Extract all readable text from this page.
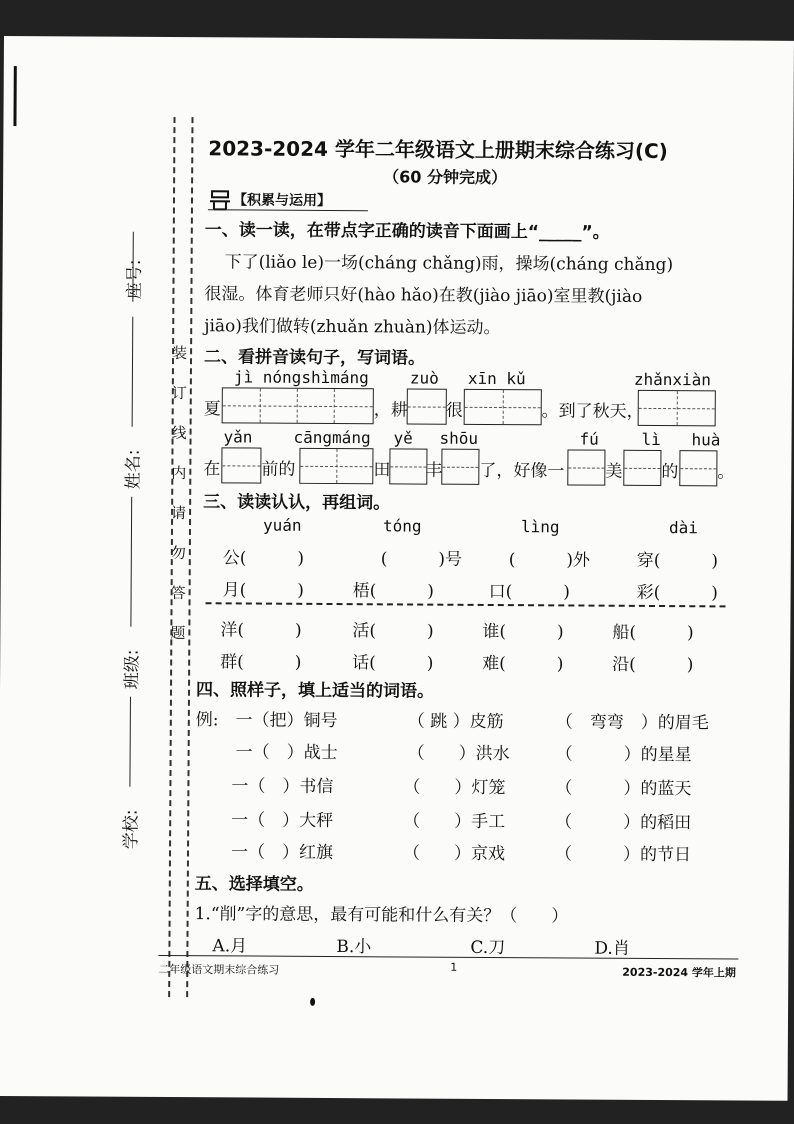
座号:
姓名:
班级:
学校:
装
订
线
内
请
勿
答
题
2023-2024 学年二年级语文上册期末综合练习(C)
（60 分钟完成）
【积累与运用】
一、读一读，在带点字正确的读音下面画上“_____”。
下了(liǎo le)一场(cháng chǎng)雨，操场(cháng chǎng)
很湿。体育老师只好(hào hǎo)在教(jiào jiāo)室里教(jiào
jiāo)我们做转(zhuǎn zhuàn)体运动。
二、看拼音读句子，写词语。
jì nóngshìmáng	zuò xīn kǔ	zhǎnxiàn
夏	，耕 很	。到了秋天，
yǎn	cāngmáng yě shōu	fú	lì huà
在 前的	田 丰 了，好像一 美 的 。
三、读读认认，再组词。
yuán	tóng	lìng	dài
公(　　　)	(　　　)号	(　　　)外	穿(　　　)
月(　　　)	梧(　　　)	口(　　　)	彩(　　　)
洋(　　　)	活(　　　)	谁(　　　)	船(　　　)
群(　　　)	话(　　　)	难(　　　)	沿(　　　)
四、照样子，填上适当的词语。
例:　一（把）铜号	（ 跳 ）皮筋	（　弯弯　）的眉毛
一（　）战士	（　　）洪水	（　　　）的星星
一（　）书信	（　　）灯笼	（　　　）的蓝天
一（　）大秤	（　　）手工	（　　　）的稻田
一（　）红旗	（　　）京戏	（　　　）的节日
五、选择填空。
1.“削”字的意思，最有可能和什么有关？（　　）
A.月	B.小	C.刀	D.肖
二年级语文期末综合练习	1	2023-2024 学年上期
